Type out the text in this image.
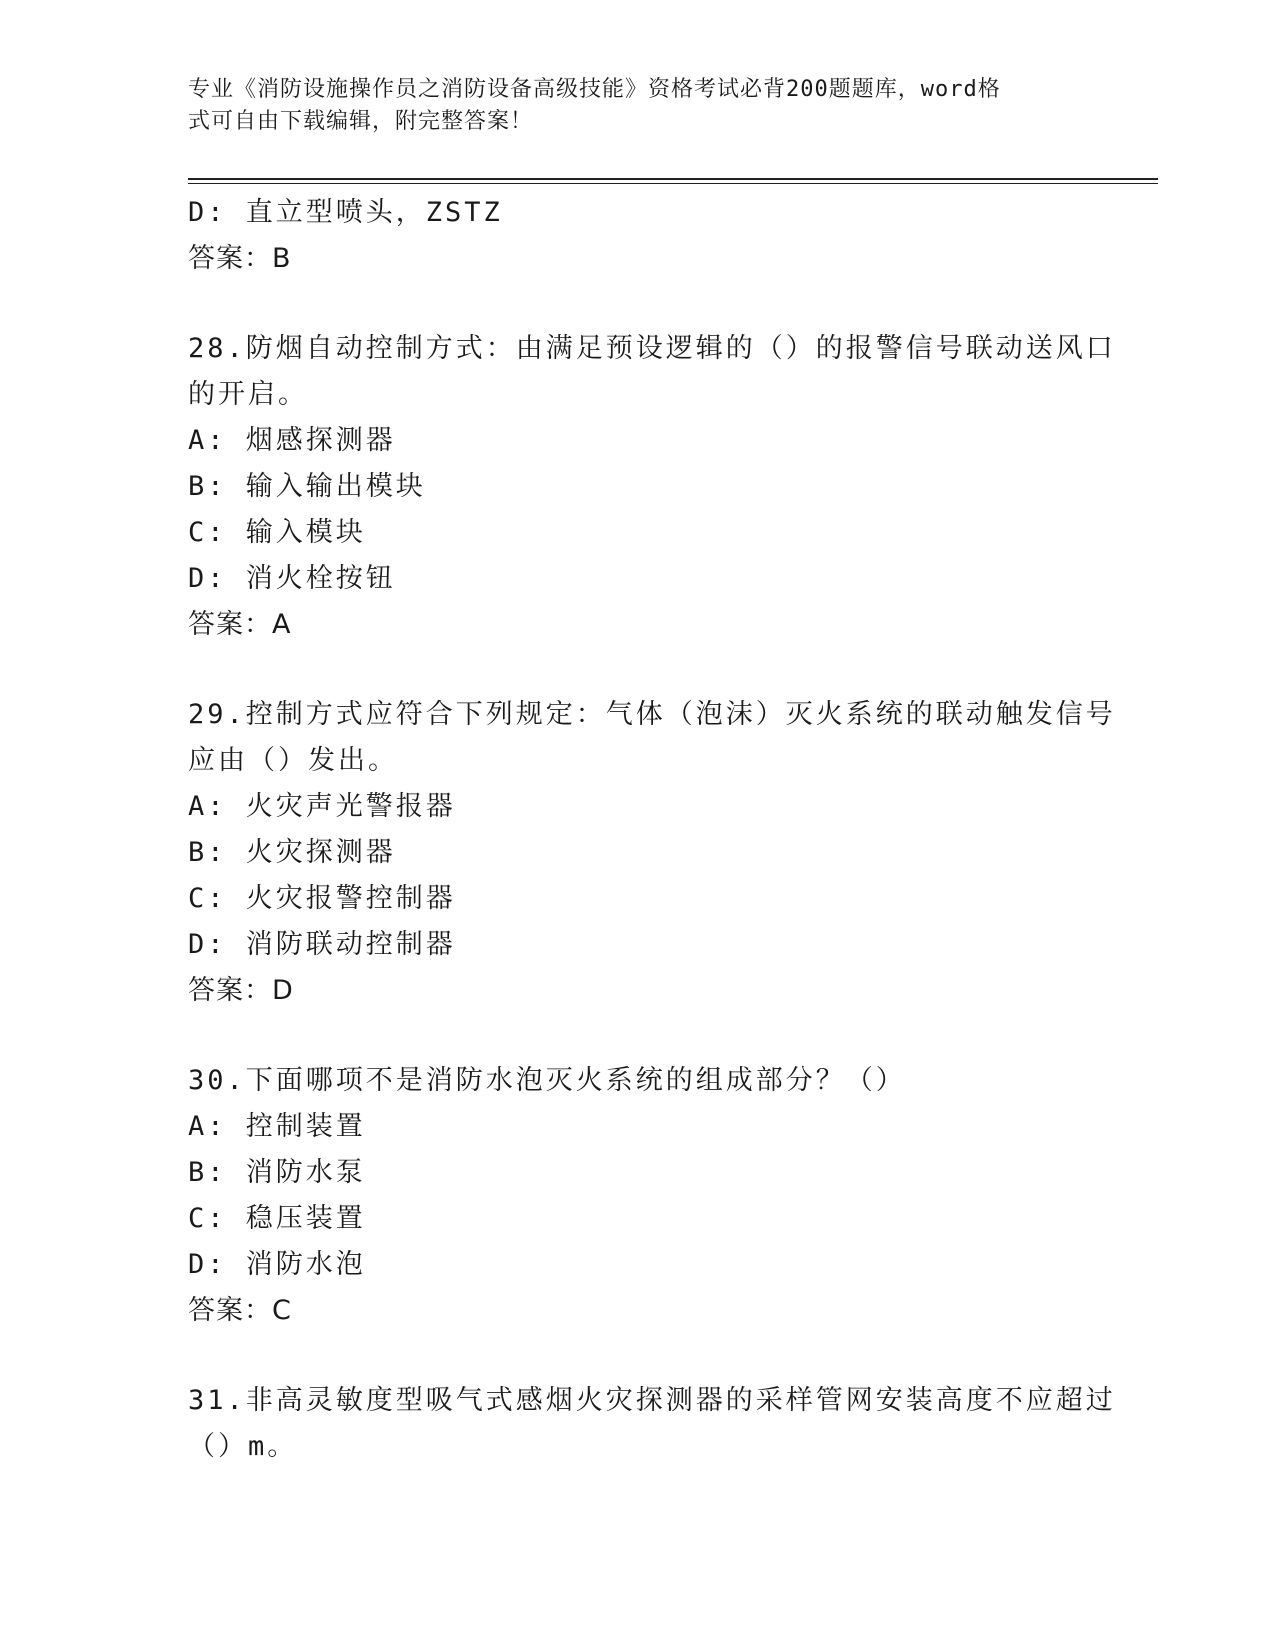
专业《消防设施操作员之消防设备高级技能》资格考试必背200题题库，word格
式可自由下载编辑，附完整答案！
D: 直立型喷头，ZSTZ
答案：B
28.防烟自动控制方式：由满足预设逻辑的（）的报警信号联动送风口
的开启。
A: 烟感探测器
B: 输入输出模块
C: 输入模块
D: 消火栓按钮
答案：A
29.控制方式应符合下列规定：气体（泡沫）灭火系统的联动触发信号
应由（）发出。
A: 火灾声光警报器
B: 火灾探测器
C: 火灾报警控制器
D: 消防联动控制器
答案：D
30.下面哪项不是消防水泡灭火系统的组成部分？（）
A: 控制装置
B: 消防水泵
C: 稳压装置
D: 消防水泡
答案：C
31.非高灵敏度型吸气式感烟火灾探测器的采样管网安装高度不应超过
（）m。
